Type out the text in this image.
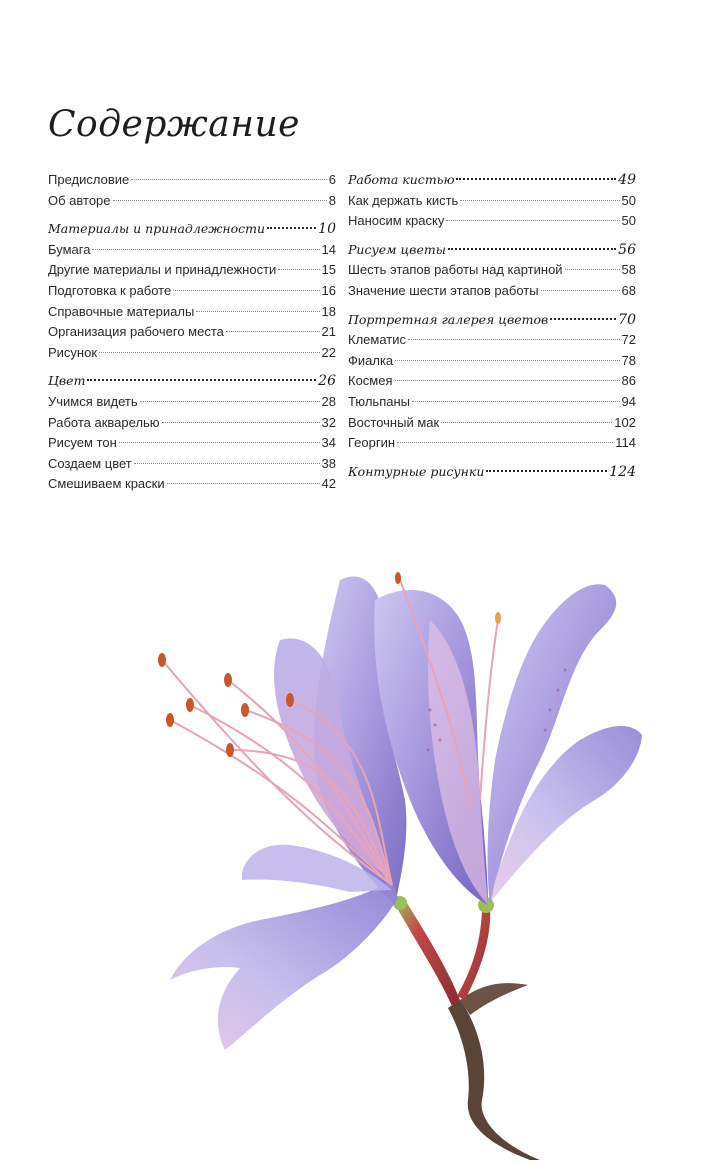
Содержание
Предисловие	6
Об авторе	8
Материалы и принадлежности	10
Бумага	14
Другие материалы и принадлежности	15
Подготовка к работе	16
Справочные материалы	18
Организация рабочего места	21
Рисунок	22
Цвет	26
Учимся видеть	28
Работа акварелью	32
Рисуем тон	34
Создаем цвет	38
Смешиваем краски	42
Работа кистью	49
Как держать кисть	50
Наносим краску	50
Рисуем цветы	56
Шесть этапов работы над картиной	58
Значение шести этапов работы	68
Портретная галерея цветов	70
Клематис	72
Фиалка	78
Космея	86
Тюльпаны	94
Восточный мак	102
Георгин	114
Контурные рисунки	124
